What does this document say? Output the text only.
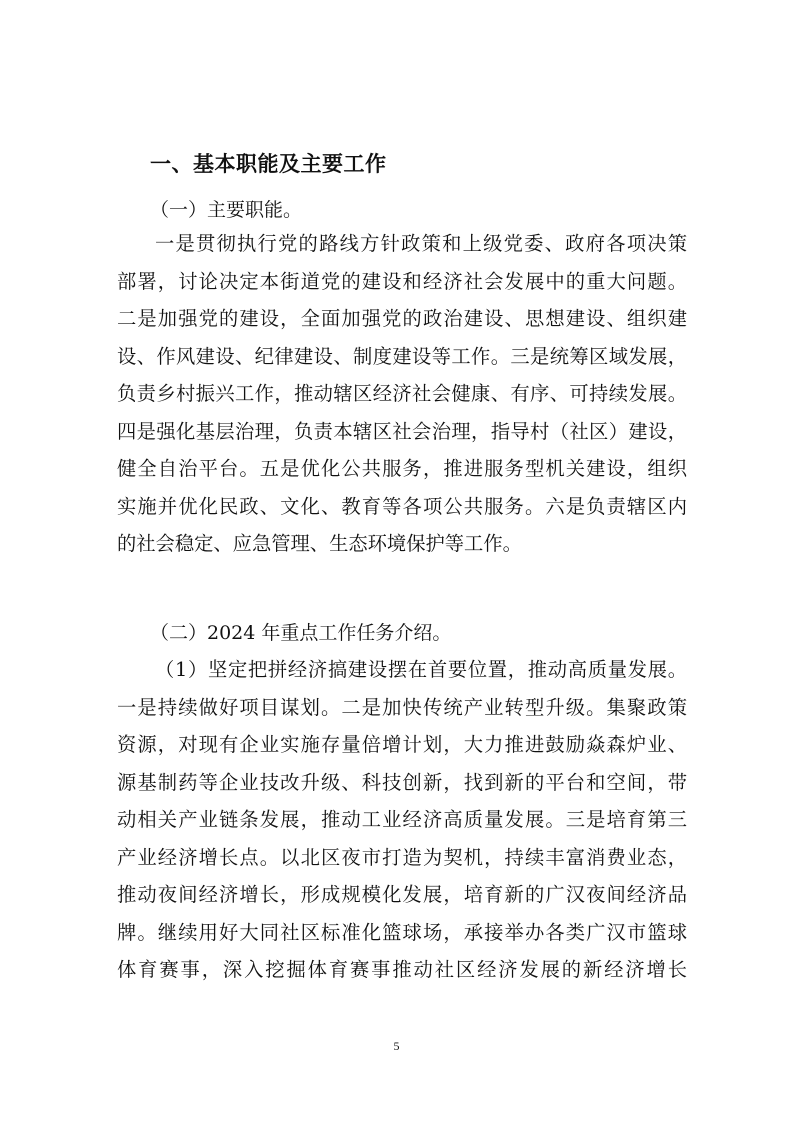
一、基本职能及主要工作
（一）主要职能。
一是贯彻执行党的路线方针政策和上级党委、政府各项决策
部署，讨论决定本街道党的建设和经济社会发展中的重大问题。
二是加强党的建设，全面加强党的政治建设、思想建设、组织建
设、作风建设、纪律建设、制度建设等工作。三是统筹区域发展，
负责乡村振兴工作，推动辖区经济社会健康、有序、可持续发展。
四是强化基层治理，负责本辖区社会治理，指导村（社区）建设，
健全自治平台。五是优化公共服务，推进服务型机关建设，组织
实施并优化民政、文化、教育等各项公共服务。六是负责辖区内
的社会稳定、应急管理、生态环境保护等工作。
（二）2024 年重点工作任务介绍。
（1）坚定把拼经济搞建设摆在首要位置，推动高质量发展。
一是持续做好项目谋划。二是加快传统产业转型升级。集聚政策
资源，对现有企业实施存量倍增计划，大力推进鼓励焱森炉业、
源基制药等企业技改升级、科技创新，找到新的平台和空间，带
动相关产业链条发展，推动工业经济高质量发展。三是培育第三
产业经济增长点。以北区夜市打造为契机，持续丰富消费业态，
推动夜间经济增长，形成规模化发展，培育新的广汉夜间经济品
牌。继续用好大同社区标准化篮球场，承接举办各类广汉市篮球
体育赛事，深入挖掘体育赛事推动社区经济发展的新经济增长
5
